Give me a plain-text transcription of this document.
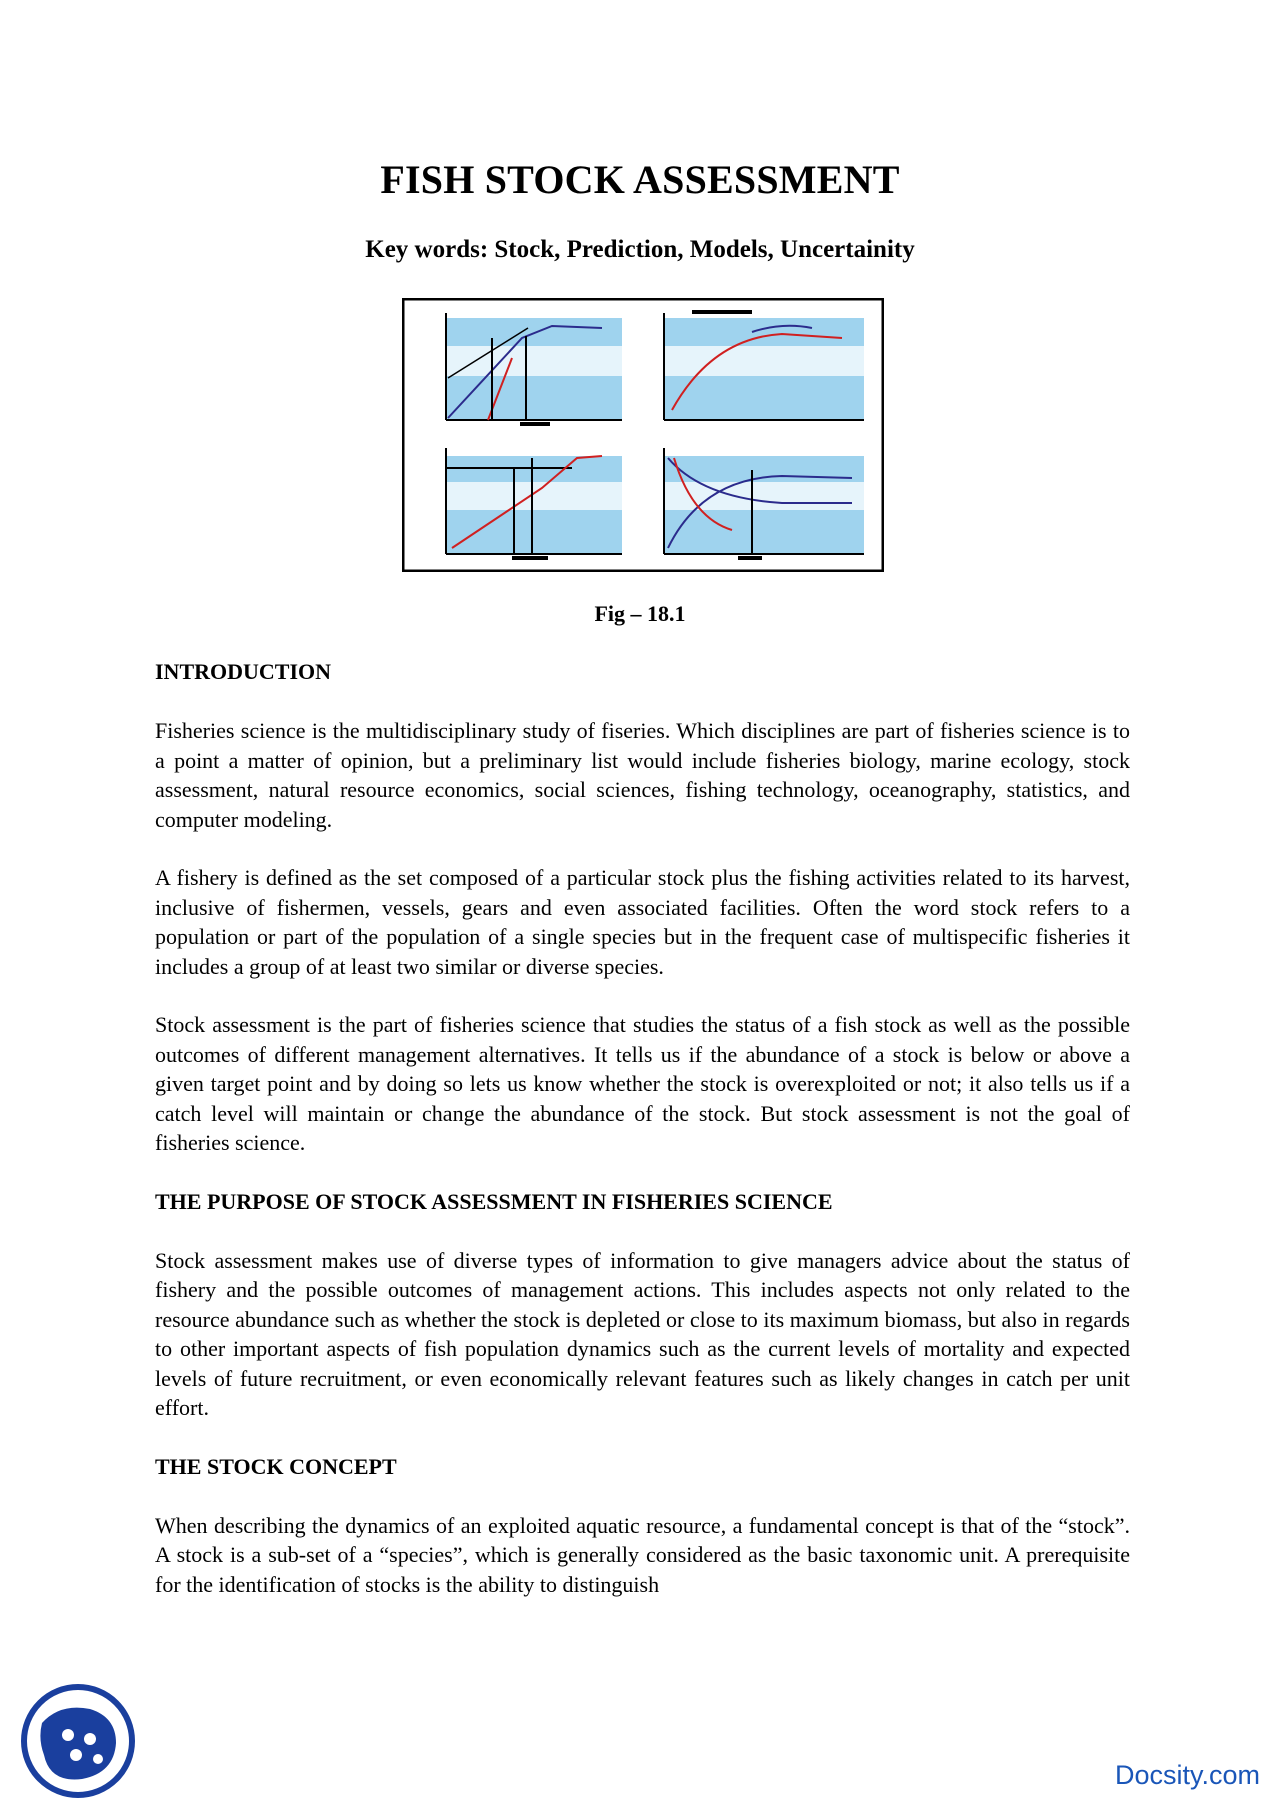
FISH STOCK ASSESSMENT
Key words: Stock, Prediction, Models, Uncertainity
Fig – 18.1
INTRODUCTION

Fisheries science is the multidisciplinary study of fiseries. Which disciplines are part of fisheries science is to a point a matter of opinion, but a preliminary list would include fisheries biology, marine ecology, stock assessment, natural resource economics, social sciences, fishing technology, oceanography, statistics, and computer modeling.

A fishery is defined as the set composed of a particular stock plus the fishing activities related to its harvest, inclusive of fishermen, vessels, gears and even associated facilities. Often the word stock refers to a population or part of the population of a single species but in the frequent case of multispecific fisheries it includes a group of at least two similar or diverse species.

Stock assessment is the part of fisheries science that studies the status of a fish stock as well as the possible outcomes of different management alternatives. It tells us if the abundance of a stock is below or above a given target point and by doing so lets us know whether the stock is overexploited or not; it also tells us if a catch level will maintain or change the abundance of the stock. But stock assessment is not the goal of fisheries science.

THE PURPOSE OF STOCK ASSESSMENT IN FISHERIES SCIENCE

Stock assessment makes use of diverse types of information to give managers advice about the status of fishery and the possible outcomes of management actions. This includes aspects not only related to the resource abundance such as whether the stock is depleted or close to its maximum biomass, but also in regards to other important aspects of fish population dynamics such as the current levels of mortality and expected levels of future recruitment, or even economically relevant features such as likely changes in catch per unit effort.

THE STOCK CONCEPT

When describing the dynamics of an exploited aquatic resource, a fundamental concept is that of the “stock”. A stock is a sub-set of a “species”, which is generally considered as the basic taxonomic unit. A prerequisite for the identification of stocks is the ability to distinguish

Docsity.com
